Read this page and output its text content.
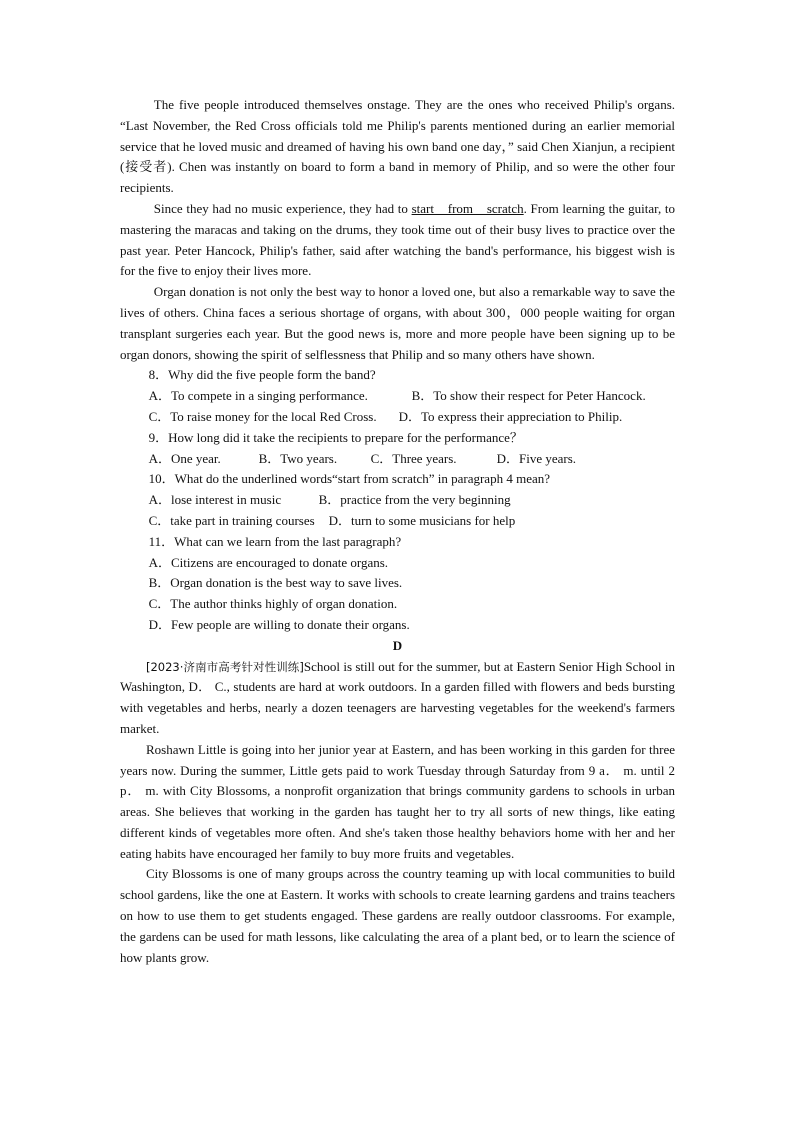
The five people introduced themselves onstage. They are the ones who received Philip's organs. “Last November, the Red Cross officials told me Philip's parents mentioned during an earlier memorial service that he loved music and dreamed of having his own band one day，” said Chen Xianjun, a recipient (接受者). Chen was instantly on board to form a band in memory of Philip, and so were the other four recipients.

Since they had no music experience, they had to start　from　scratch. From learning the guitar, to mastering the maracas and taking on the drums, they took time out of their busy lives to practice over the past year. Peter Hancock, Philip's father, said after watching the band's performance, his biggest wish is for the five to enjoy their lives more.

Organ donation is not only the best way to honor a loved one, but also a remarkable way to save the lives of others. China faces a serious shortage of organs, with about 300，000 people waiting for organ transplant surgeries each year. But the good news is, more and more people have been signing up to be organ donors, showing the spirit of selflessness that Philip and so many others have shown.

8．Why did the five people form the band?

A．To compete in a singing performance.	B．To show their respect for Peter Hancock.
C．To raise money for the local Red Cross.	D．To express their appreciation to Philip.

9．How long did it take the recipients to prepare for the performance？

A．One year.	B．Two years.	C．Three years.	D．Five years.

10．What do the underlined words“start from scratch” in paragraph 4 mean?

A．lose interest in music	B．practice from the very beginning
C．take part in training courses	D．turn to some musicians for help

11．What can we learn from the last paragraph?

A．Citizens are encouraged to donate organs.

B．Organ donation is the best way to save lives.

C．The author thinks highly of organ donation.

D．Few people are willing to donate their organs.

D

[2023·济南市高考针对性训练]School is still out for the summer, but at Eastern Senior High School in Washington, D． C., students are hard at work outdoors. In a garden filled with flowers and beds bursting with vegetables and herbs, nearly a dozen teenagers are harvesting vegetables for the weekend's farmers market.

Roshawn Little is going into her junior year at Eastern, and has been working in this garden for three years now. During the summer, Little gets paid to work Tuesday through Saturday from 9 a． m. until 2 p． m. with City Blossoms, a nonprofit organization that brings community gardens to schools in urban areas. She believes that working in the garden has taught her to try all sorts of new things, like eating different kinds of vegetables more often. And she's taken those healthy behaviors home with her and her eating habits have encouraged her family to buy more fruits and vegetables.

City Blossoms is one of many groups across the country teaming up with local communities to build school gardens, like the one at Eastern. It works with schools to create learning gardens and trains teachers on how to use them to get students engaged. These gardens are really outdoor classrooms. For example, the gardens can be used for math lessons, like calculating the area of a plant bed, or to learn the science of how plants grow.
